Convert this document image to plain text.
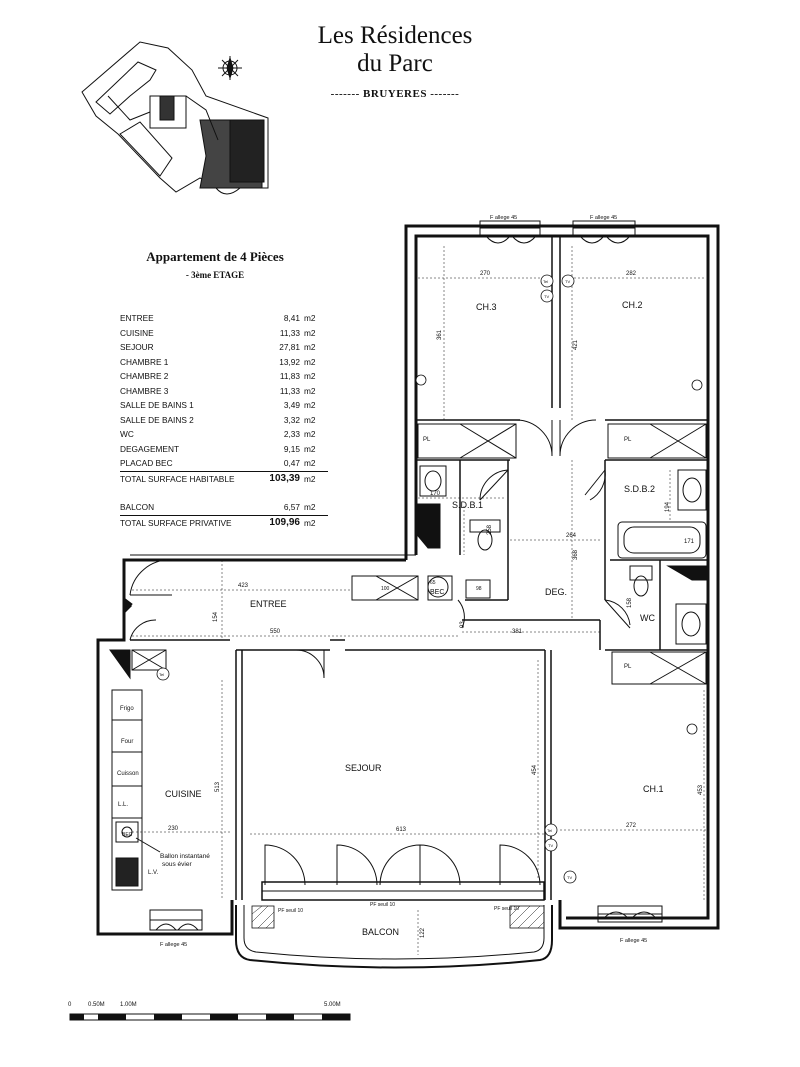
Les Résidences
du Parc
------- BRUYERES -------
Appartement de 4 Pièces
- 3ème ETAGE
ENTREE	8,41	m2
CUISINE	11,33	m2
SEJOUR	27,81	m2
CHAMBRE 1	13,92	m2
CHAMBRE 2	11,83	m2
CHAMBRE 3	11,33	m2
SALLE DE BAINS 1	3,49	m2
SALLE DE BAINS 2	3,32	m2
WC	2,33	m2
DEGAGEMENT	9,15	m2
PLACAD BEC	0,47	m2
TOTAL SURFACE HABITABLE	103,39	m2

BALCON	6,57	m2
TOTAL SURFACE PRIVATIVE	109,96	m2
CH.3	CH.2
CH.1
S.D.B.1
S.D.B.2
DEG.
WC
ENTREE
SEJOUR
CUISINE
BALCON
BEC
270	282
361
421
170
264
171
194
258
368
423
154
550	381
93
158
513
454
453
230	613
272
122
100
65
98
Frigo
Four
Cuisson
L.L.
L.V.
Ballon instantané
sous évier
BEC
Tel
TV
TV
Tel
TV
TV
Tel
PL	PL
PL
F allege 45	F allege 45
F allege 45
F allege 45
PF seuil 10
PF seuil 10
PF seuil 10
0	0.50M	1.00M	5.00M
